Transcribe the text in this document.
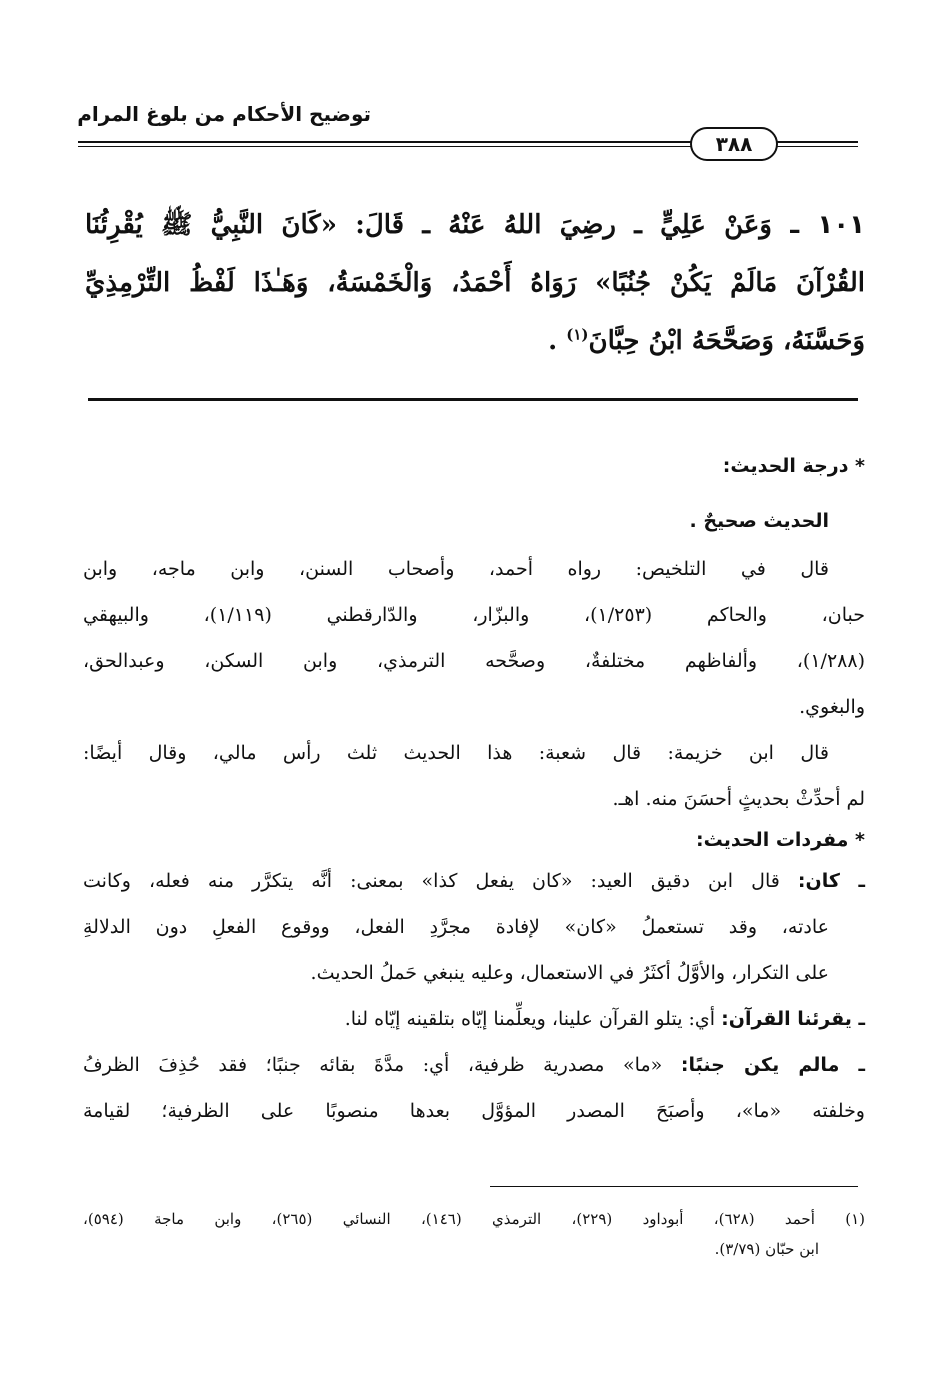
توضيح الأحكام من بلوغ المرام
٣٨٨
١٠١ ـ وَعَنْ عَلِيٍّ ـ رضِيَ اللهُ عَنْهُ ـ قَالَ: «كَانَ النَّبِيُّ ﷺ يُقْرِئُنَا
القُرْآنَ مَالَمْ يَكُنْ جُنُبًا» رَوَاهُ أَحْمَدُ، وَالْخَمْسَةُ، وَهَـٰذَا لَفْظُ التِّرْمِذِيِّ
وَحَسَّنَهُ، وَصَحَّحَهُ ابْنُ حِبَّانَ$^{(١)}$ .
* درجة الحديث:
الحديث صحيحٌ .
قال في التلخيص: رواه أحمد، وأصحاب السنن، وابن ماجه، وابن
حبان، والحاكم (١/٢٥٣)، والبزّار، والدّارقطني (١/١١٩)، والبيهقي
(١/٢٨٨)، وألفاظهم مختلفةٌ، وصحَّحه الترمذي، وابن السكن، وعبدالحق،
والبغوي.
قال ابن خزيمة: قال شعبة: هذا الحديث ثلث رأس مالي، وقال أيضًا:
لم أحدِّثْ بحديثٍ أحسَنَ منه. اهـ.
* مفردات الحديث:
ـ كان: قال ابن دقيق العيد: «كان يفعل كذا» بمعنى: أنَّه يتكرَّر منه فعله، وكانت
عادته، وقد تستعملُ «كان» لإفادة مجرَّدِ الفعل، ووقوع الفعلِ دون الدلالةِ
على التكرار، والأوَّلُ أكثَرُ في الاستعمال، وعليه ينبغي حَملُ الحديث.
ـ يقرئنا القرآن: أي: يتلو القرآن علينا، ويعلِّمنا إيّاه بتلقينه إيّاه لنا.
ـ مالم يكن جنبًا: «ما» مصدرية ظرفية، أي: مدَّةَ بقائه جنبًا؛ فقد حُذِفَ الظرفُ
وخلفته «ما»، وأصبَحَ المصدر المؤوَّل بعدها منصوبًا على الظرفية؛ لقيامة
(١) أحمد (٦٢٨)، أبوداود (٢٢٩)، الترمذي (١٤٦)، النسائي (٢٦٥)، وابن ماجة (٥٩٤)،
ابن حبّان (٣/٧٩).
